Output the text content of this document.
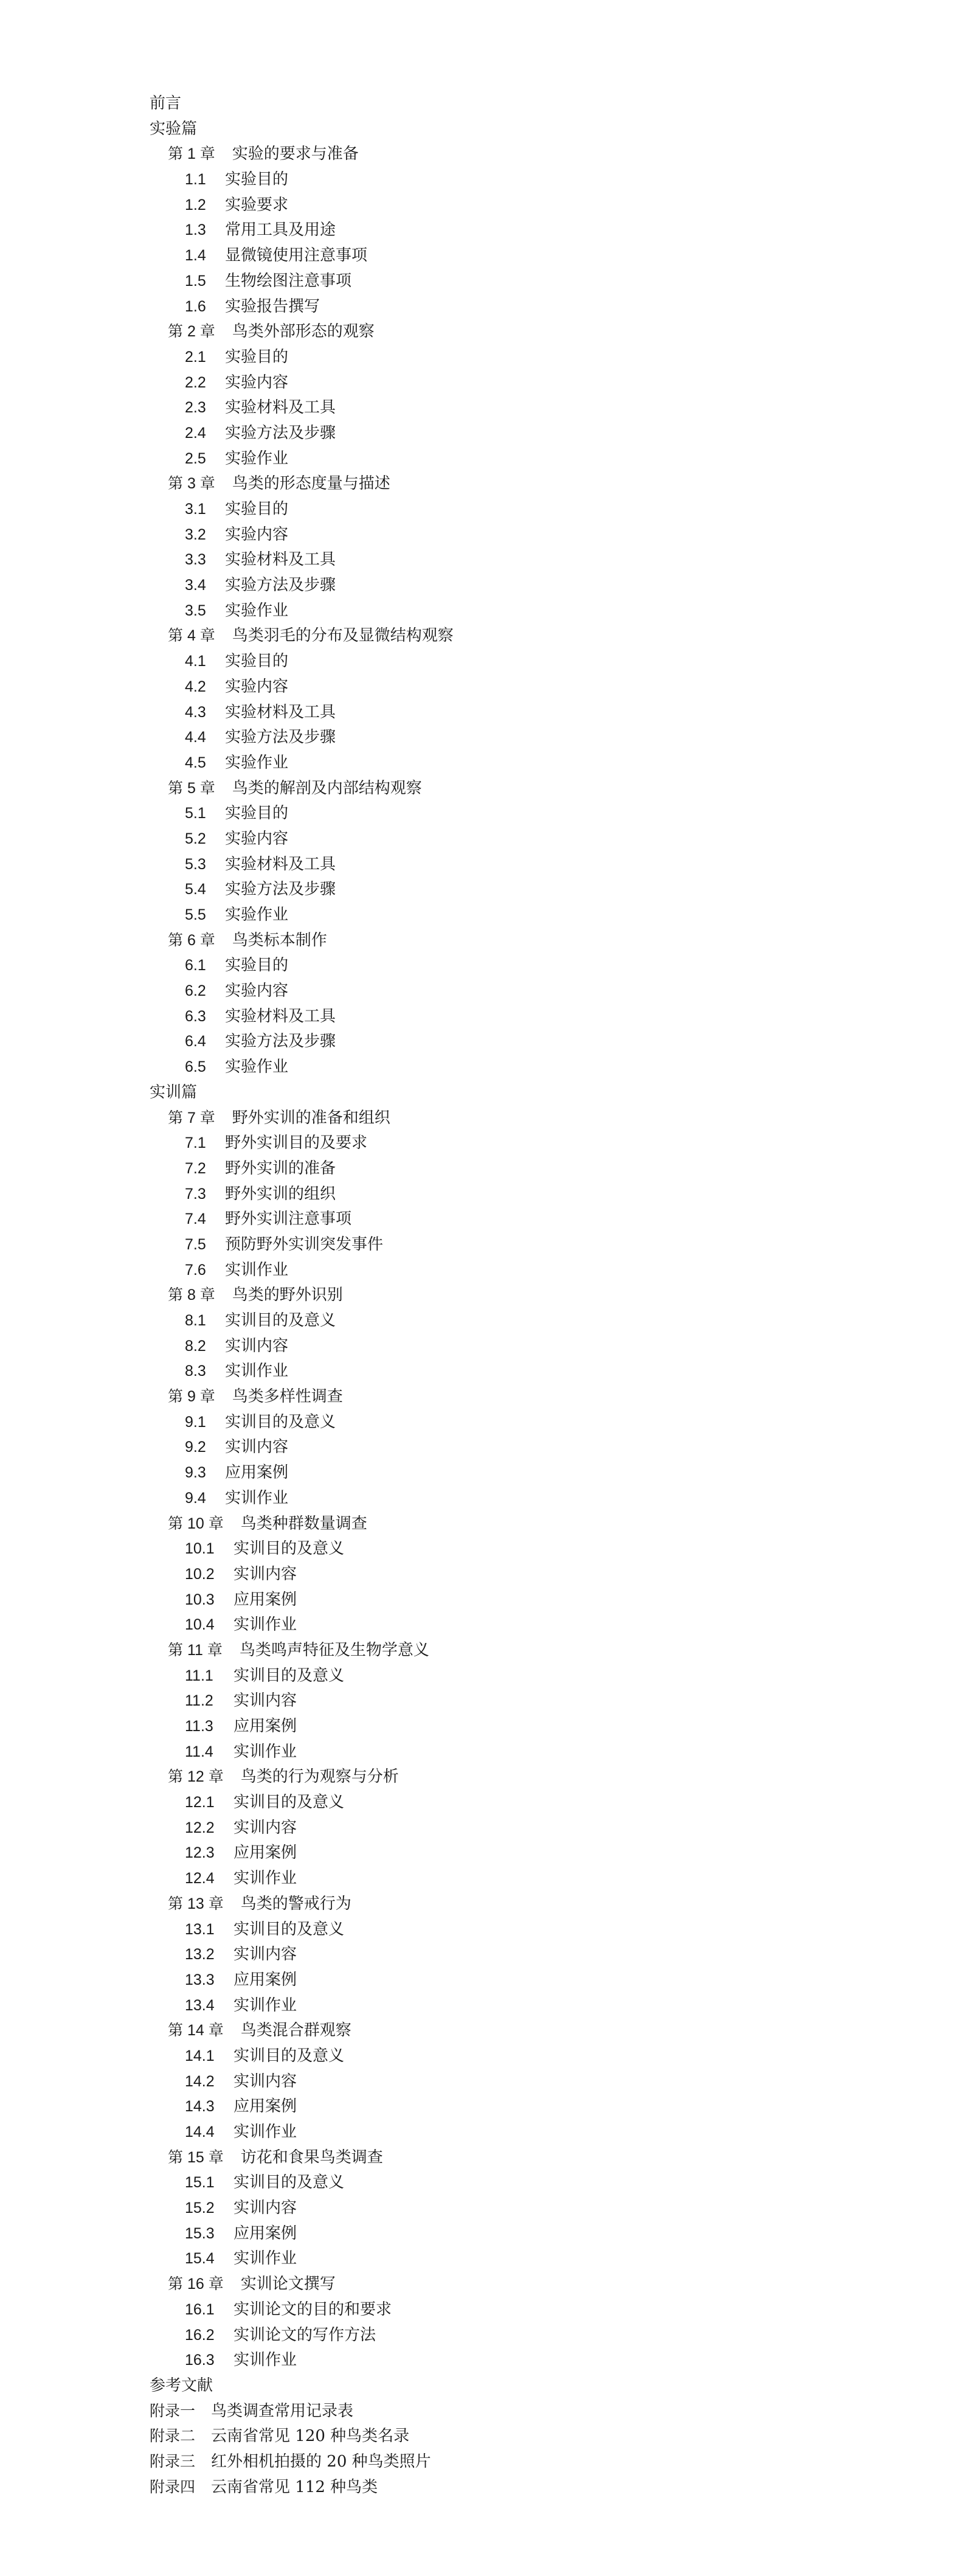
前言
实验篇
第 1 章 实验的要求与准备
1.1 实验目的
1.2 实验要求
1.3 常用工具及用途
1.4 显微镜使用注意事项
1.5 生物绘图注意事项
1.6 实验报告撰写
第 2 章 鸟类外部形态的观察
2.1 实验目的
2.2 实验内容
2.3 实验材料及工具
2.4 实验方法及步骤
2.5 实验作业
第 3 章 鸟类的形态度量与描述
3.1 实验目的
3.2 实验内容
3.3 实验材料及工具
3.4 实验方法及步骤
3.5 实验作业
第 4 章 鸟类羽毛的分布及显微结构观察
4.1 实验目的
4.2 实验内容
4.3 实验材料及工具
4.4 实验方法及步骤
4.5 实验作业
第 5 章 鸟类的解剖及内部结构观察
5.1 实验目的
5.2 实验内容
5.3 实验材料及工具
5.4 实验方法及步骤
5.5 实验作业
第 6 章 鸟类标本制作
6.1 实验目的
6.2 实验内容
6.3 实验材料及工具
6.4 实验方法及步骤
6.5 实验作业
实训篇
第 7 章 野外实训的准备和组织
7.1 野外实训目的及要求
7.2 野外实训的准备
7.3 野外实训的组织
7.4 野外实训注意事项
7.5 预防野外实训突发事件
7.6 实训作业
第 8 章 鸟类的野外识别
8.1 实训目的及意义
8.2 实训内容
8.3 实训作业
第 9 章 鸟类多样性调查
9.1 实训目的及意义
9.2 实训内容
9.3 应用案例
9.4 实训作业
第 10 章 鸟类种群数量调查
10.1 实训目的及意义
10.2 实训内容
10.3 应用案例
10.4 实训作业
第 11 章 鸟类鸣声特征及生物学意义
11.1 实训目的及意义
11.2 实训内容
11.3 应用案例
11.4 实训作业
第 12 章 鸟类的行为观察与分析
12.1 实训目的及意义
12.2 实训内容
12.3 应用案例
12.4 实训作业
第 13 章 鸟类的警戒行为
13.1 实训目的及意义
13.2 实训内容
13.3 应用案例
13.4 实训作业
第 14 章 鸟类混合群观察
14.1 实训目的及意义
14.2 实训内容
14.3 应用案例
14.4 实训作业
第 15 章 访花和食果鸟类调查
15.1 实训目的及意义
15.2 实训内容
15.3 应用案例
15.4 实训作业
第 16 章 实训论文撰写
16.1 实训论文的目的和要求
16.2 实训论文的写作方法
16.3 实训作业
参考文献
附录一 鸟类调查常用记录表
附录二 云南省常见 120 种鸟类名录
附录三 红外相机拍摄的 20 种鸟类照片
附录四 云南省常见 112 种鸟类
